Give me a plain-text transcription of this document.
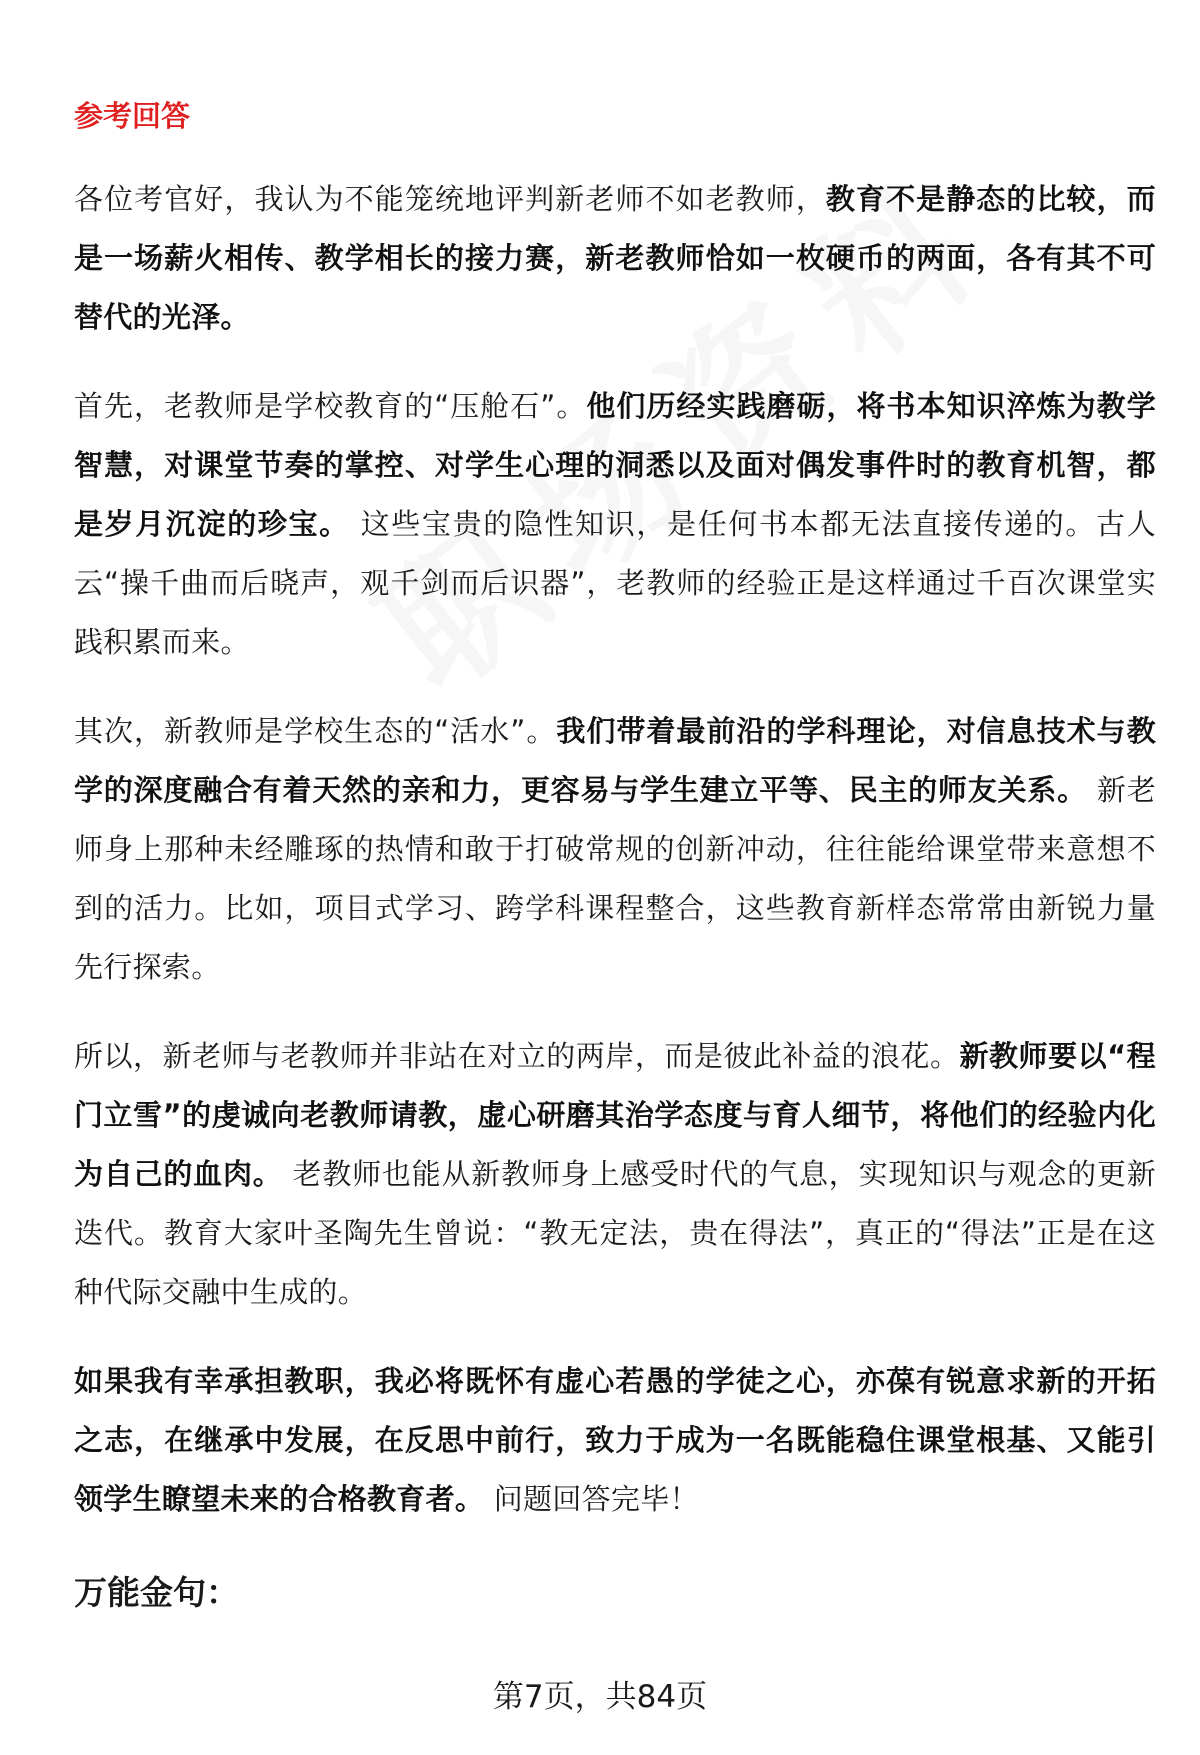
参考回答

各位考官好，我认为不能笼统地评判新老师不如老教师，教育不是静态的比较，而是一场薪火相传、教学相长的接力赛，新老教师恰如一枚硬币的两面，各有其不可替代的光泽。

首先，老教师是学校教育的“压舱石”。他们历经实践磨砺，将书本知识淬炼为教学智慧，对课堂节奏的掌控、对学生心理的洞悉以及面对偶发事件时的教育机智，都是岁月沉淀的珍宝。 这些宝贵的隐性知识，是任何书本都无法直接传递的。古人云“操千曲而后晓声，观千剑而后识器”，老教师的经验正是这样通过千百次课堂实践积累而来。

其次，新教师是学校生态的“活水”。我们带着最前沿的学科理论，对信息技术与教学的深度融合有着天然的亲和力，更容易与学生建立平等、民主的师友关系。 新老师身上那种未经雕琢的热情和敢于打破常规的创新冲动，往往能给课堂带来意想不到的活力。比如，项目式学习、跨学科课程整合，这些教育新样态常常由新锐力量先行探索。

所以，新老师与老教师并非站在对立的两岸，而是彼此补益的浪花。新教师要以“程门立雪”的虔诚向老教师请教，虚心研磨其治学态度与育人细节，将他们的经验内化为自己的血肉。 老教师也能从新教师身上感受时代的气息，实现知识与观念的更新迭代。教育大家叶圣陶先生曾说：“教无定法，贵在得法”，真正的“得法”正是在这种代际交融中生成的。

如果我有幸承担教职，我必将既怀有虚心若愚的学徒之心，亦葆有锐意求新的开拓之志，在继承中发展，在反思中前行，致力于成为一名既能稳住课堂根基、又能引领学生瞭望未来的合格教育者。 问题回答完毕！

万能金句：
第7页，共84页
